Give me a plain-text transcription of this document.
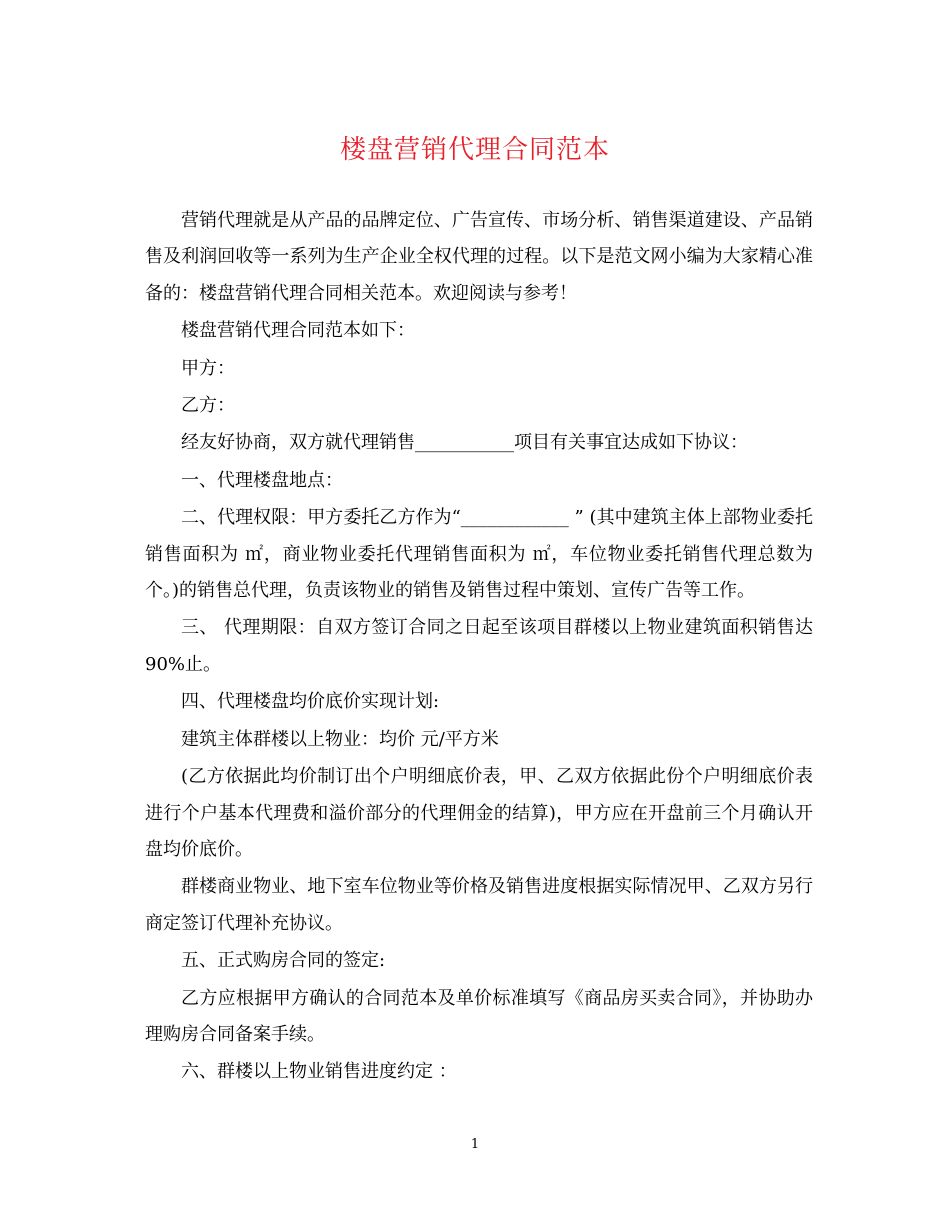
楼盘营销代理合同范本

营销代理就是从产品的品牌定位、广告宣传、市场分析、销售渠道建设、产品销售及利润回收等一系列为生产企业全权代理的过程。以下是范文网小编为大家精心准备的：楼盘营销代理合同相关范本。欢迎阅读与参考！

楼盘营销代理合同范本如下：

甲方：

乙方：

经友好协商，双方就代理销售___________项目有关事宜达成如下协议：

一、代理楼盘地点：

二、代理权限：甲方委托乙方作为“____________ ” (其中建筑主体上部物业委托销售面积为 ㎡，商业物业委托代理销售面积为 ㎡，车位物业委托销售代理总数为 个。)的销售总代理，负责该物业的销售及销售过程中策划、宣传广告等工作。

三、 代理期限：自双方签订合同之日起至该项目群楼以上物业建筑面积销售达 90%止。

四、代理楼盘均价底价实现计划:

建筑主体群楼以上物业：均价 元/平方米

(乙方依据此均价制订出个户明细底价表，甲、乙双方依据此份个户明细底价表进行个户基本代理费和溢价部分的代理佣金的结算)，甲方应在开盘前三个月确认开盘均价底价。

群楼商业物业、地下室车位物业等价格及销售进度根据实际情况甲、乙双方另行商定签订代理补充协议。

五、正式购房合同的签定:

乙方应根据甲方确认的合同范本及单价标准填写《商品房买卖合同》，并协助办理购房合同备案手续。

六、群楼以上物业销售进度约定 ：

1
